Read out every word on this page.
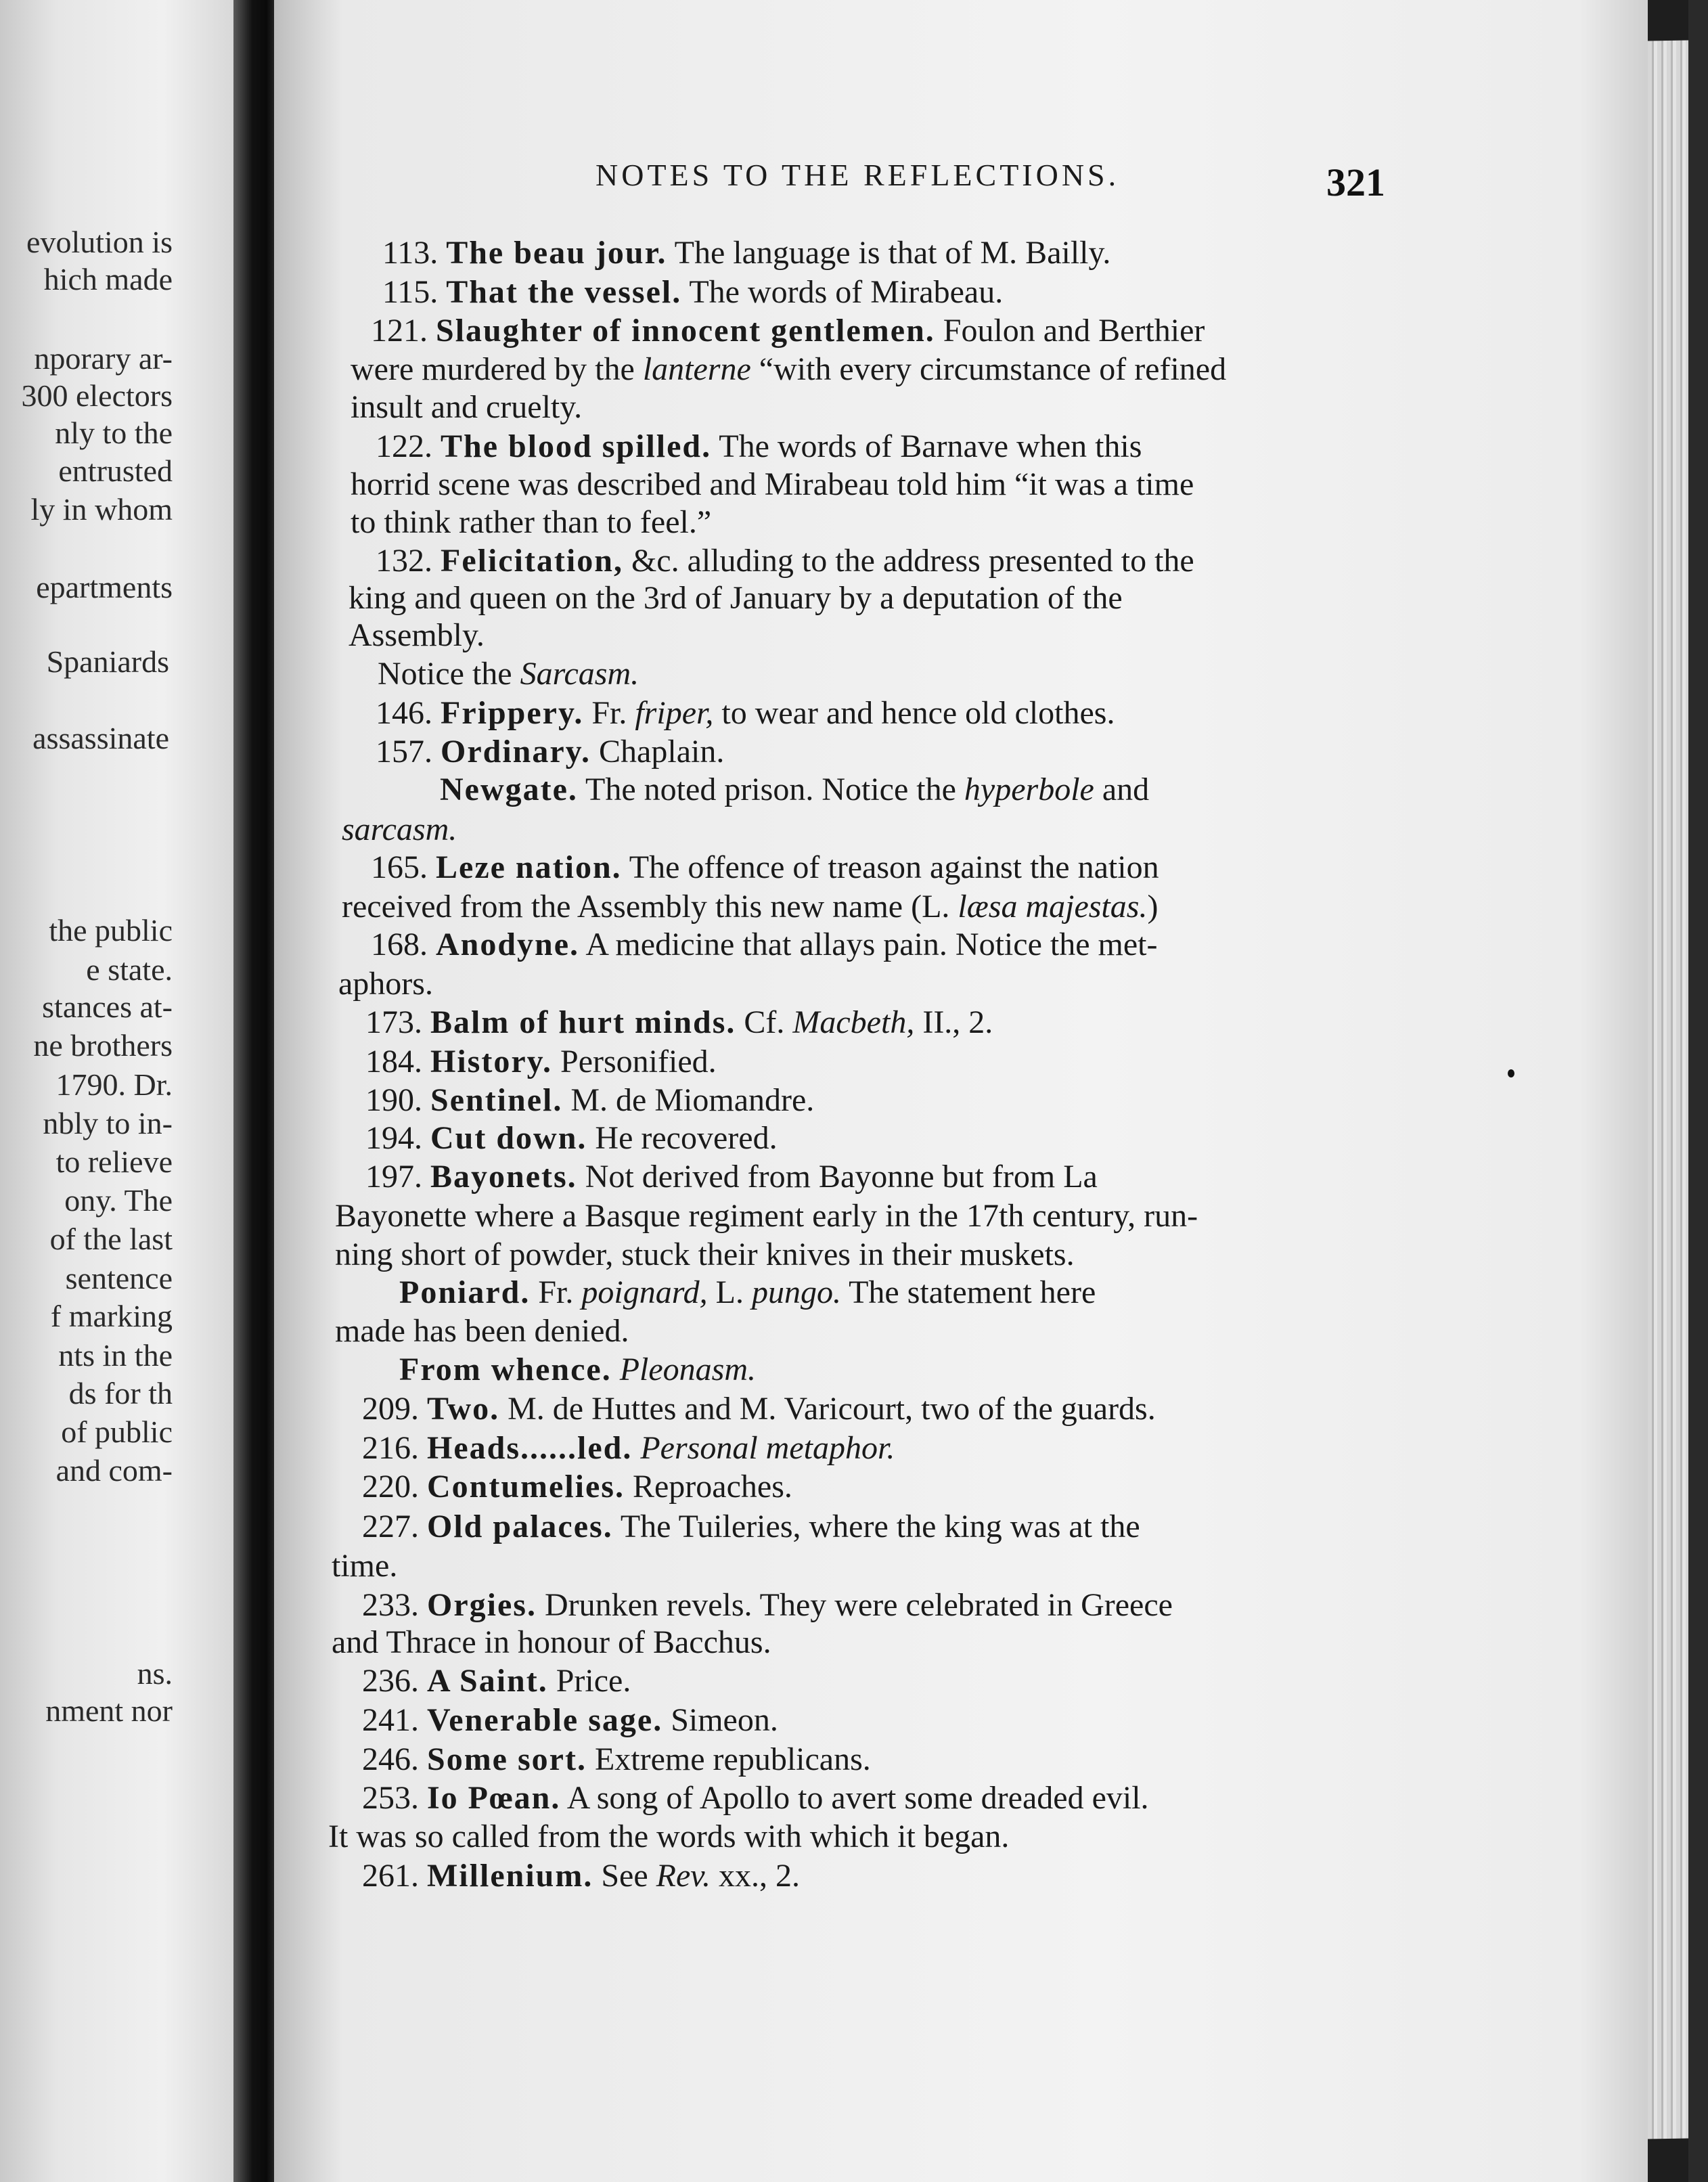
evolution is
hich made
nporary ar-
300 electors
nly to the
entrusted
ly in whom
epartments
Spaniards
assassinate
the public
e state.
stances at-
ne brothers
1790. Dr.
nbly to in-
to relieve
ony. The
of the last
sentence
f marking
nts in the
ds for th
of public
and com-
ns.
nment nor
NOTES TO THE REFLECTIONS.	321
113. The beau jour. The language is that of M. Bailly.
115. That the vessel. The words of Mirabeau.
121. Slaughter of innocent gentlemen. Foulon and Berthier
were murdered by the lanterne “with every circumstance of refined
insult and cruelty.
122. The blood spilled. The words of Barnave when this
horrid scene was described and Mirabeau told him “it was a time
to think rather than to feel.”
132. Felicitation, &c. alluding to the address presented to the
king and queen on the 3rd of January by a deputation of the
Assembly.
Notice the Sarcasm.
146. Frippery. Fr. friper, to wear and hence old clothes.
157. Ordinary. Chaplain.
Newgate. The noted prison. Notice the hyperbole and
sarcasm.
165. Leze nation. The offence of treason against the nation
received from the Assembly this new name (L. læsa majestas.)
168. Anodyne. A medicine that allays pain. Notice the met-
aphors.
173. Balm of hurt minds. Cf. Macbeth, II., 2.
184. History. Personified.
190. Sentinel. M. de Miomandre.
194. Cut down. He recovered.
197. Bayonets. Not derived from Bayonne but from La
Bayonette where a Basque regiment early in the 17th century, run-
ning short of powder, stuck their knives in their muskets.
Poniard. Fr. poignard, L. pungo. The statement here
made has been denied.
From whence. Pleonasm.
209. Two. M. de Huttes and M. Varicourt, two of the guards.
216. Heads......led. Personal metaphor.
220. Contumelies. Reproaches.
227. Old palaces. The Tuileries, where the king was at the
time.
233. Orgies. Drunken revels. They were celebrated in Greece
and Thrace in honour of Bacchus.
236. A Saint. Price.
241. Venerable sage. Simeon.
246. Some sort. Extreme republicans.
253. Io Pœan. A song of Apollo to avert some dreaded evil.
It was so called from the words with which it began.
261. Millenium. See Rev. xx., 2.
